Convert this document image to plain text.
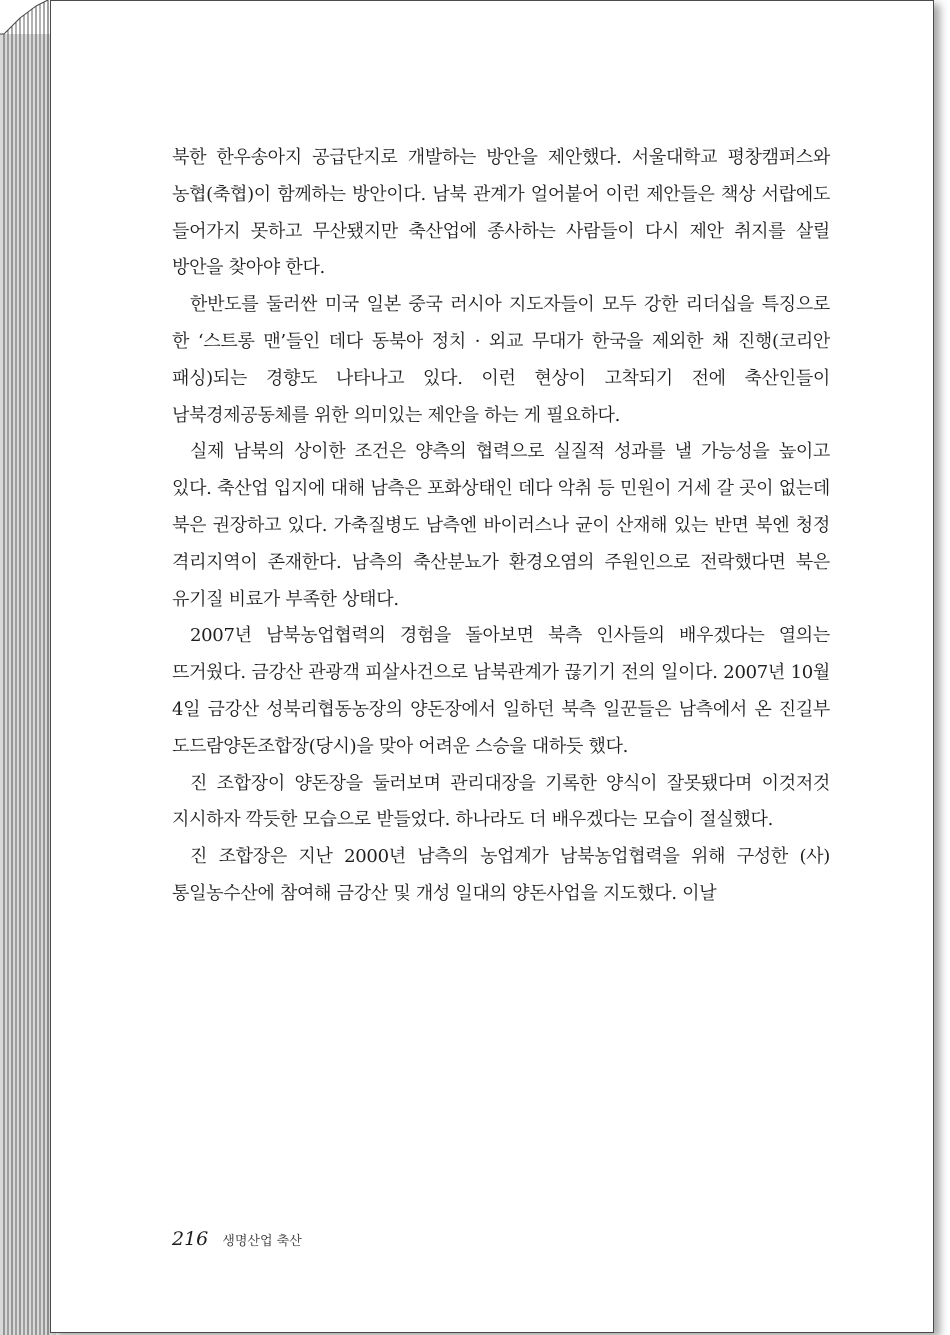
북한 한우송아지 공급단지로 개발하는 방안을 제안했다. 서울대학교 평창캠퍼스와 농협(축협)이 함께하는 방안이다. 남북 관계가 얼어붙어 이런 제안들은 책상 서랍에도 들어가지 못하고 무산됐지만 축산업에 종사하는 사람들이 다시 제안 취지를 살릴 방안을 찾아야 한다.

한반도를 둘러싼 미국 일본 중국 러시아 지도자들이 모두 강한 리더십을 특징으로 한 ‘스트롱 맨’들인 데다 동북아 정치 · 외교 무대가 한국을 제외한 채 진행(코리안 패싱)되는 경향도 나타나고 있다. 이런 현상이 고착되기 전에 축산인들이 남북경제공동체를 위한 의미있는 제안을 하는 게 필요하다.

실제 남북의 상이한 조건은 양측의 협력으로 실질적 성과를 낼 가능성을 높이고 있다. 축산업 입지에 대해 남측은 포화상태인 데다 악취 등 민원이 거세 갈 곳이 없는데 북은 권장하고 있다. 가축질병도 남측엔 바이러스나 균이 산재해 있는 반면 북엔 청정 격리지역이 존재한다. 남측의 축산분뇨가 환경오염의 주원인으로 전락했다면 북은 유기질 비료가 부족한 상태다.

2007년 남북농업협력의 경험을 돌아보면 북측 인사들의 배우겠다는 열의는 뜨거웠다. 금강산 관광객 피살사건으로 남북관계가 끊기기 전의 일이다. 2007년 10월 4일 금강산 성북리협동농장의 양돈장에서 일하던 북측 일꾼들은 남측에서 온 진길부 도드람양돈조합장(당시)을 맞아 어려운 스승을 대하듯 했다.

진 조합장이 양돈장을 둘러보며 관리대장을 기록한 양식이 잘못됐다며 이것저것 지시하자 깍듯한 모습으로 받들었다. 하나라도 더 배우겠다는 모습이 절실했다.

진 조합장은 지난 2000년 남측의 농업계가 남북농업협력을 위해 구성한 (사)통일농수산에 참여해 금강산 및 개성 일대의 양돈사업을 지도했다. 이날

216 생명산업 축산
